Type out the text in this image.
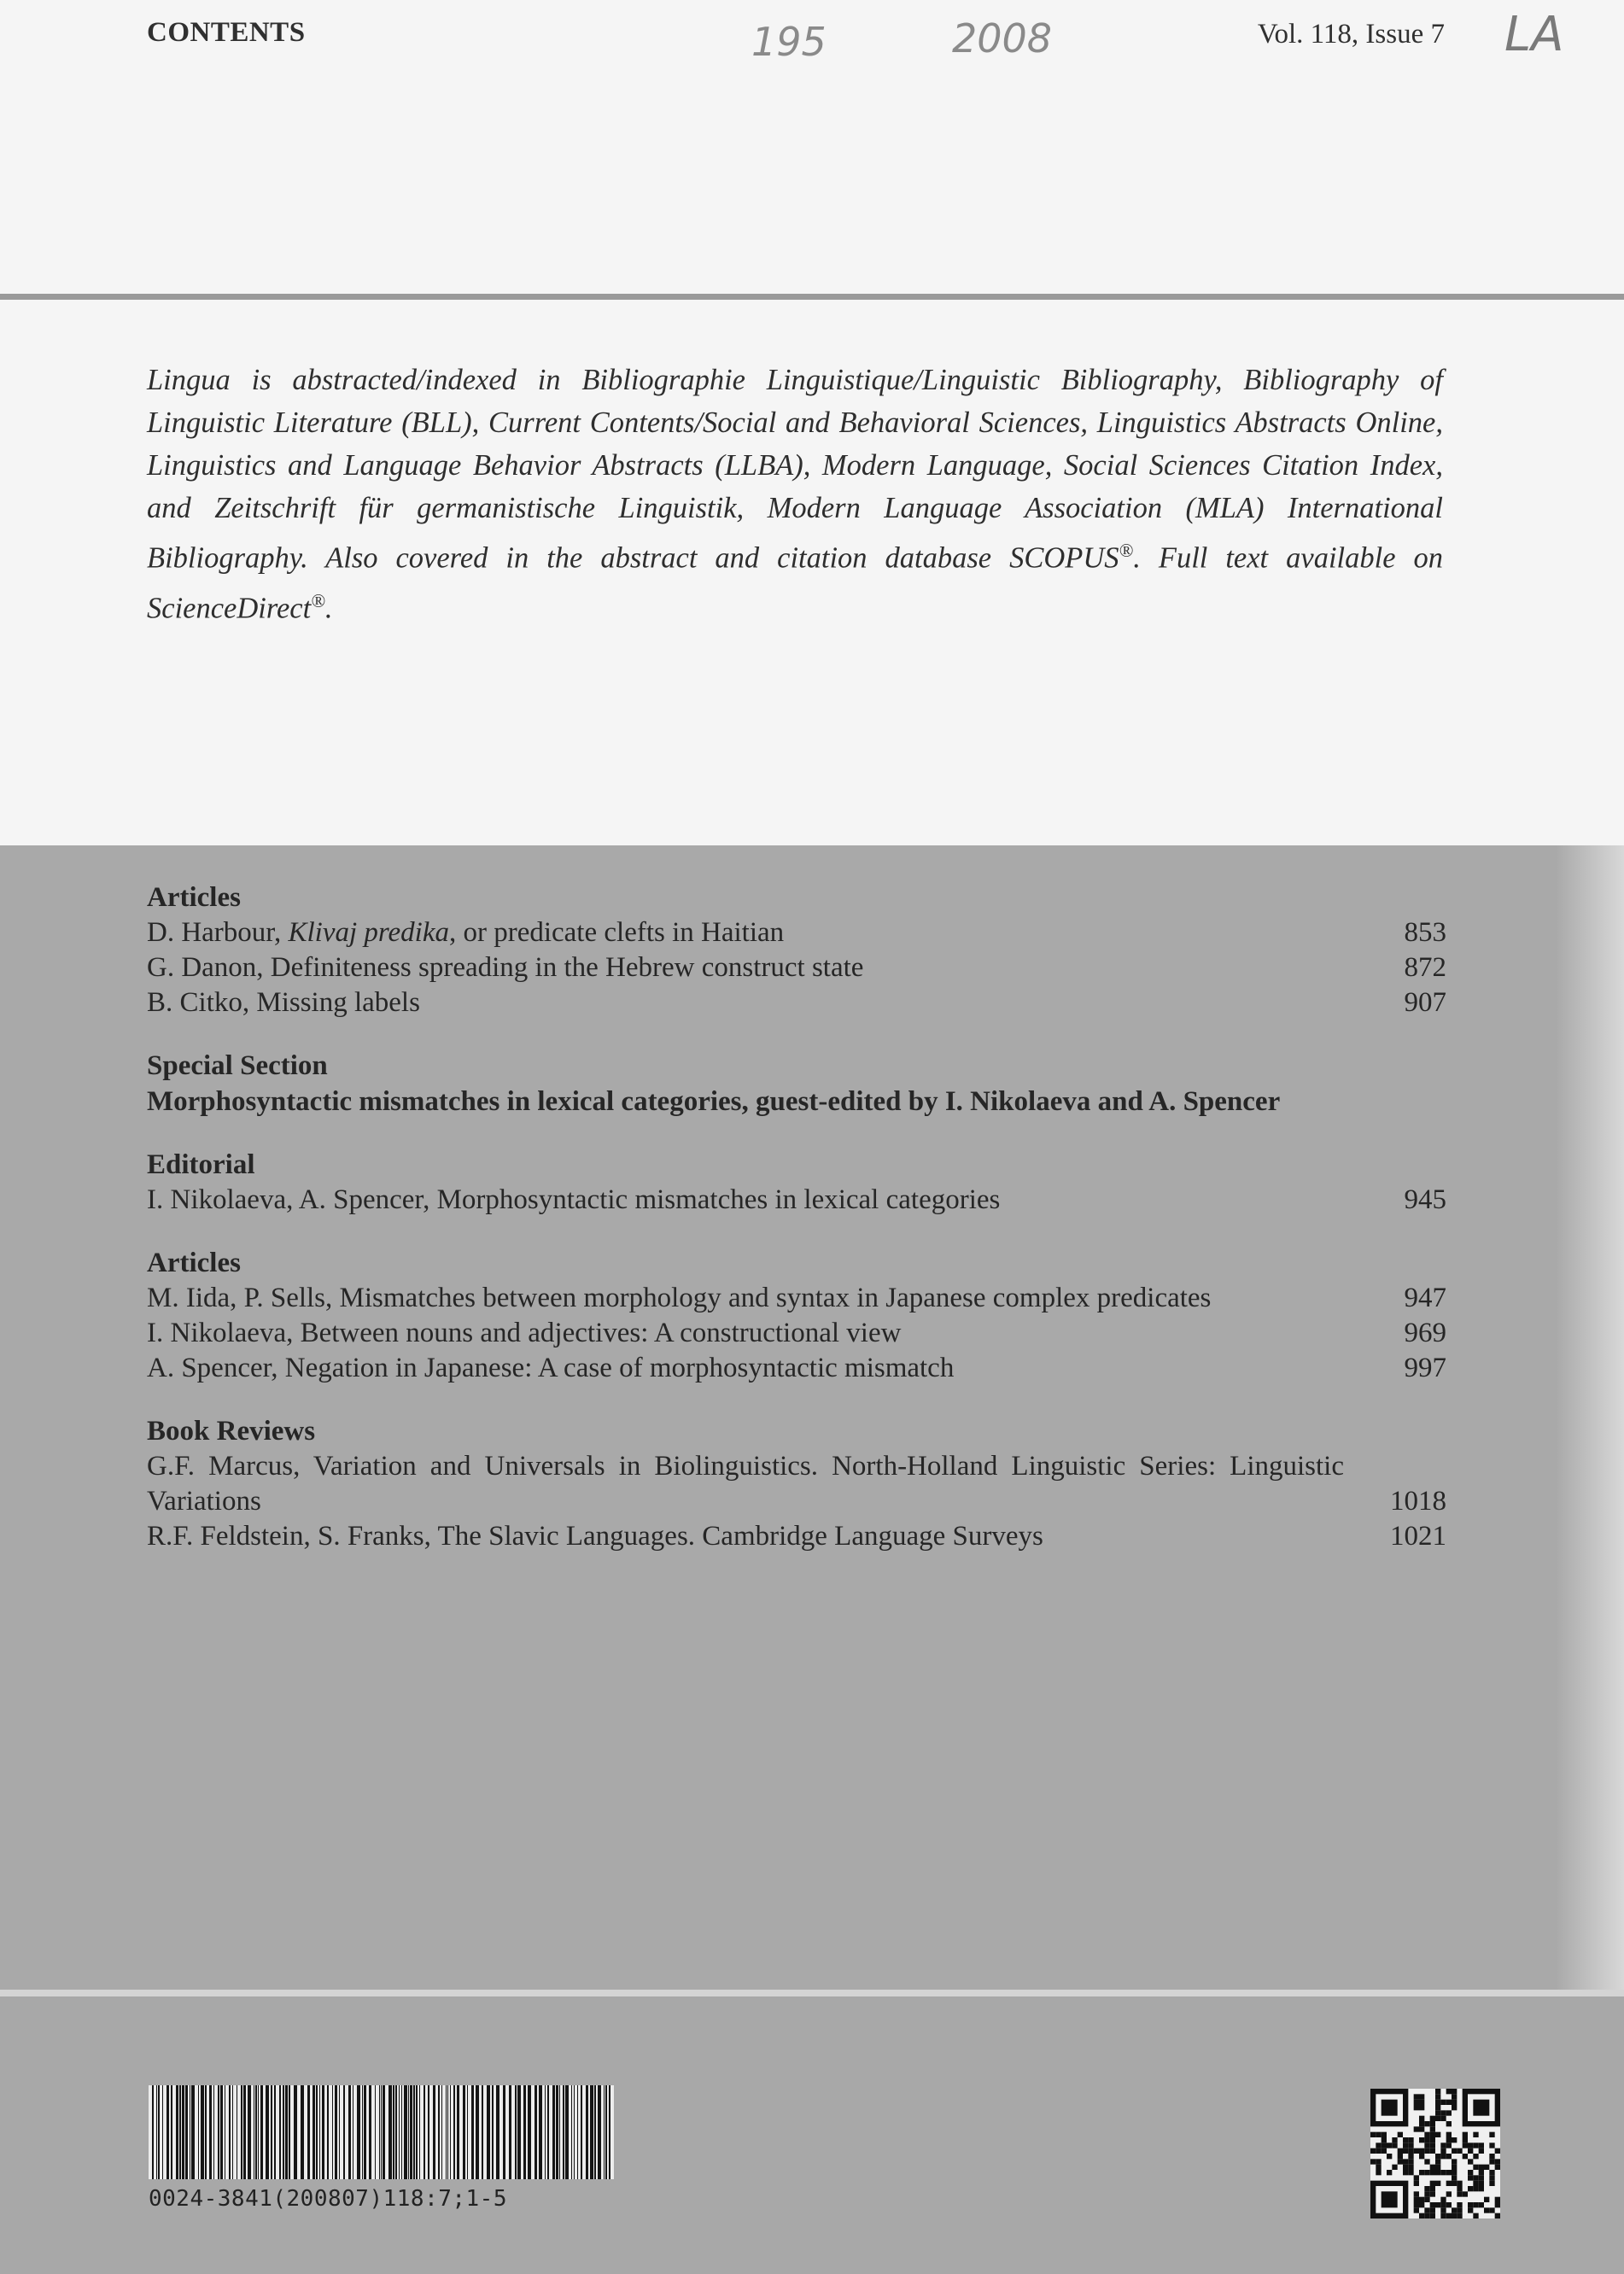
CONTENTS	195	2008	Vol. 118, Issue 7 LA
Lingua is abstracted/indexed in Bibliographie Linguistique/Linguistic Bibliography, Bibliography of Linguistic Literature (BLL), Current Contents/Social and Behavioral Sciences, Linguistics Abstracts Online, Linguistics and Language Behavior Abstracts (LLBA), Modern Language, Social Sciences Citation Index, and Zeitschrift für germanistische Linguistik, Modern Language Association (MLA) International Bibliography. Also covered in the abstract and citation database SCOPUS®. Full text available on ScienceDirect®.

Articles

D. Harbour, Klivaj predika, or predicate clefts in Haitian	853
G. Danon, Definiteness spreading in the Hebrew construct state	872
B. Citko, Missing labels	907

Special Section

Morphosyntactic mismatches in lexical categories, guest-edited by I. Nikolaeva and A. Spencer

Editorial

I. Nikolaeva, A. Spencer, Morphosyntactic mismatches in lexical categories	945

Articles

M. Iida, P. Sells, Mismatches between morphology and syntax in Japanese complex predicates	947
I. Nikolaeva, Between nouns and adjectives: A constructional view	969
A. Spencer, Negation in Japanese: A case of morphosyntactic mismatch	997

Book Reviews

G.F. Marcus, Variation and Universals in Biolinguistics. North-Holland Linguistic Series: Linguistic Variations	1018
R.F. Feldstein, S. Franks, The Slavic Languages. Cambridge Language Surveys	1021
0024-3841(200807)118:7;1-5
